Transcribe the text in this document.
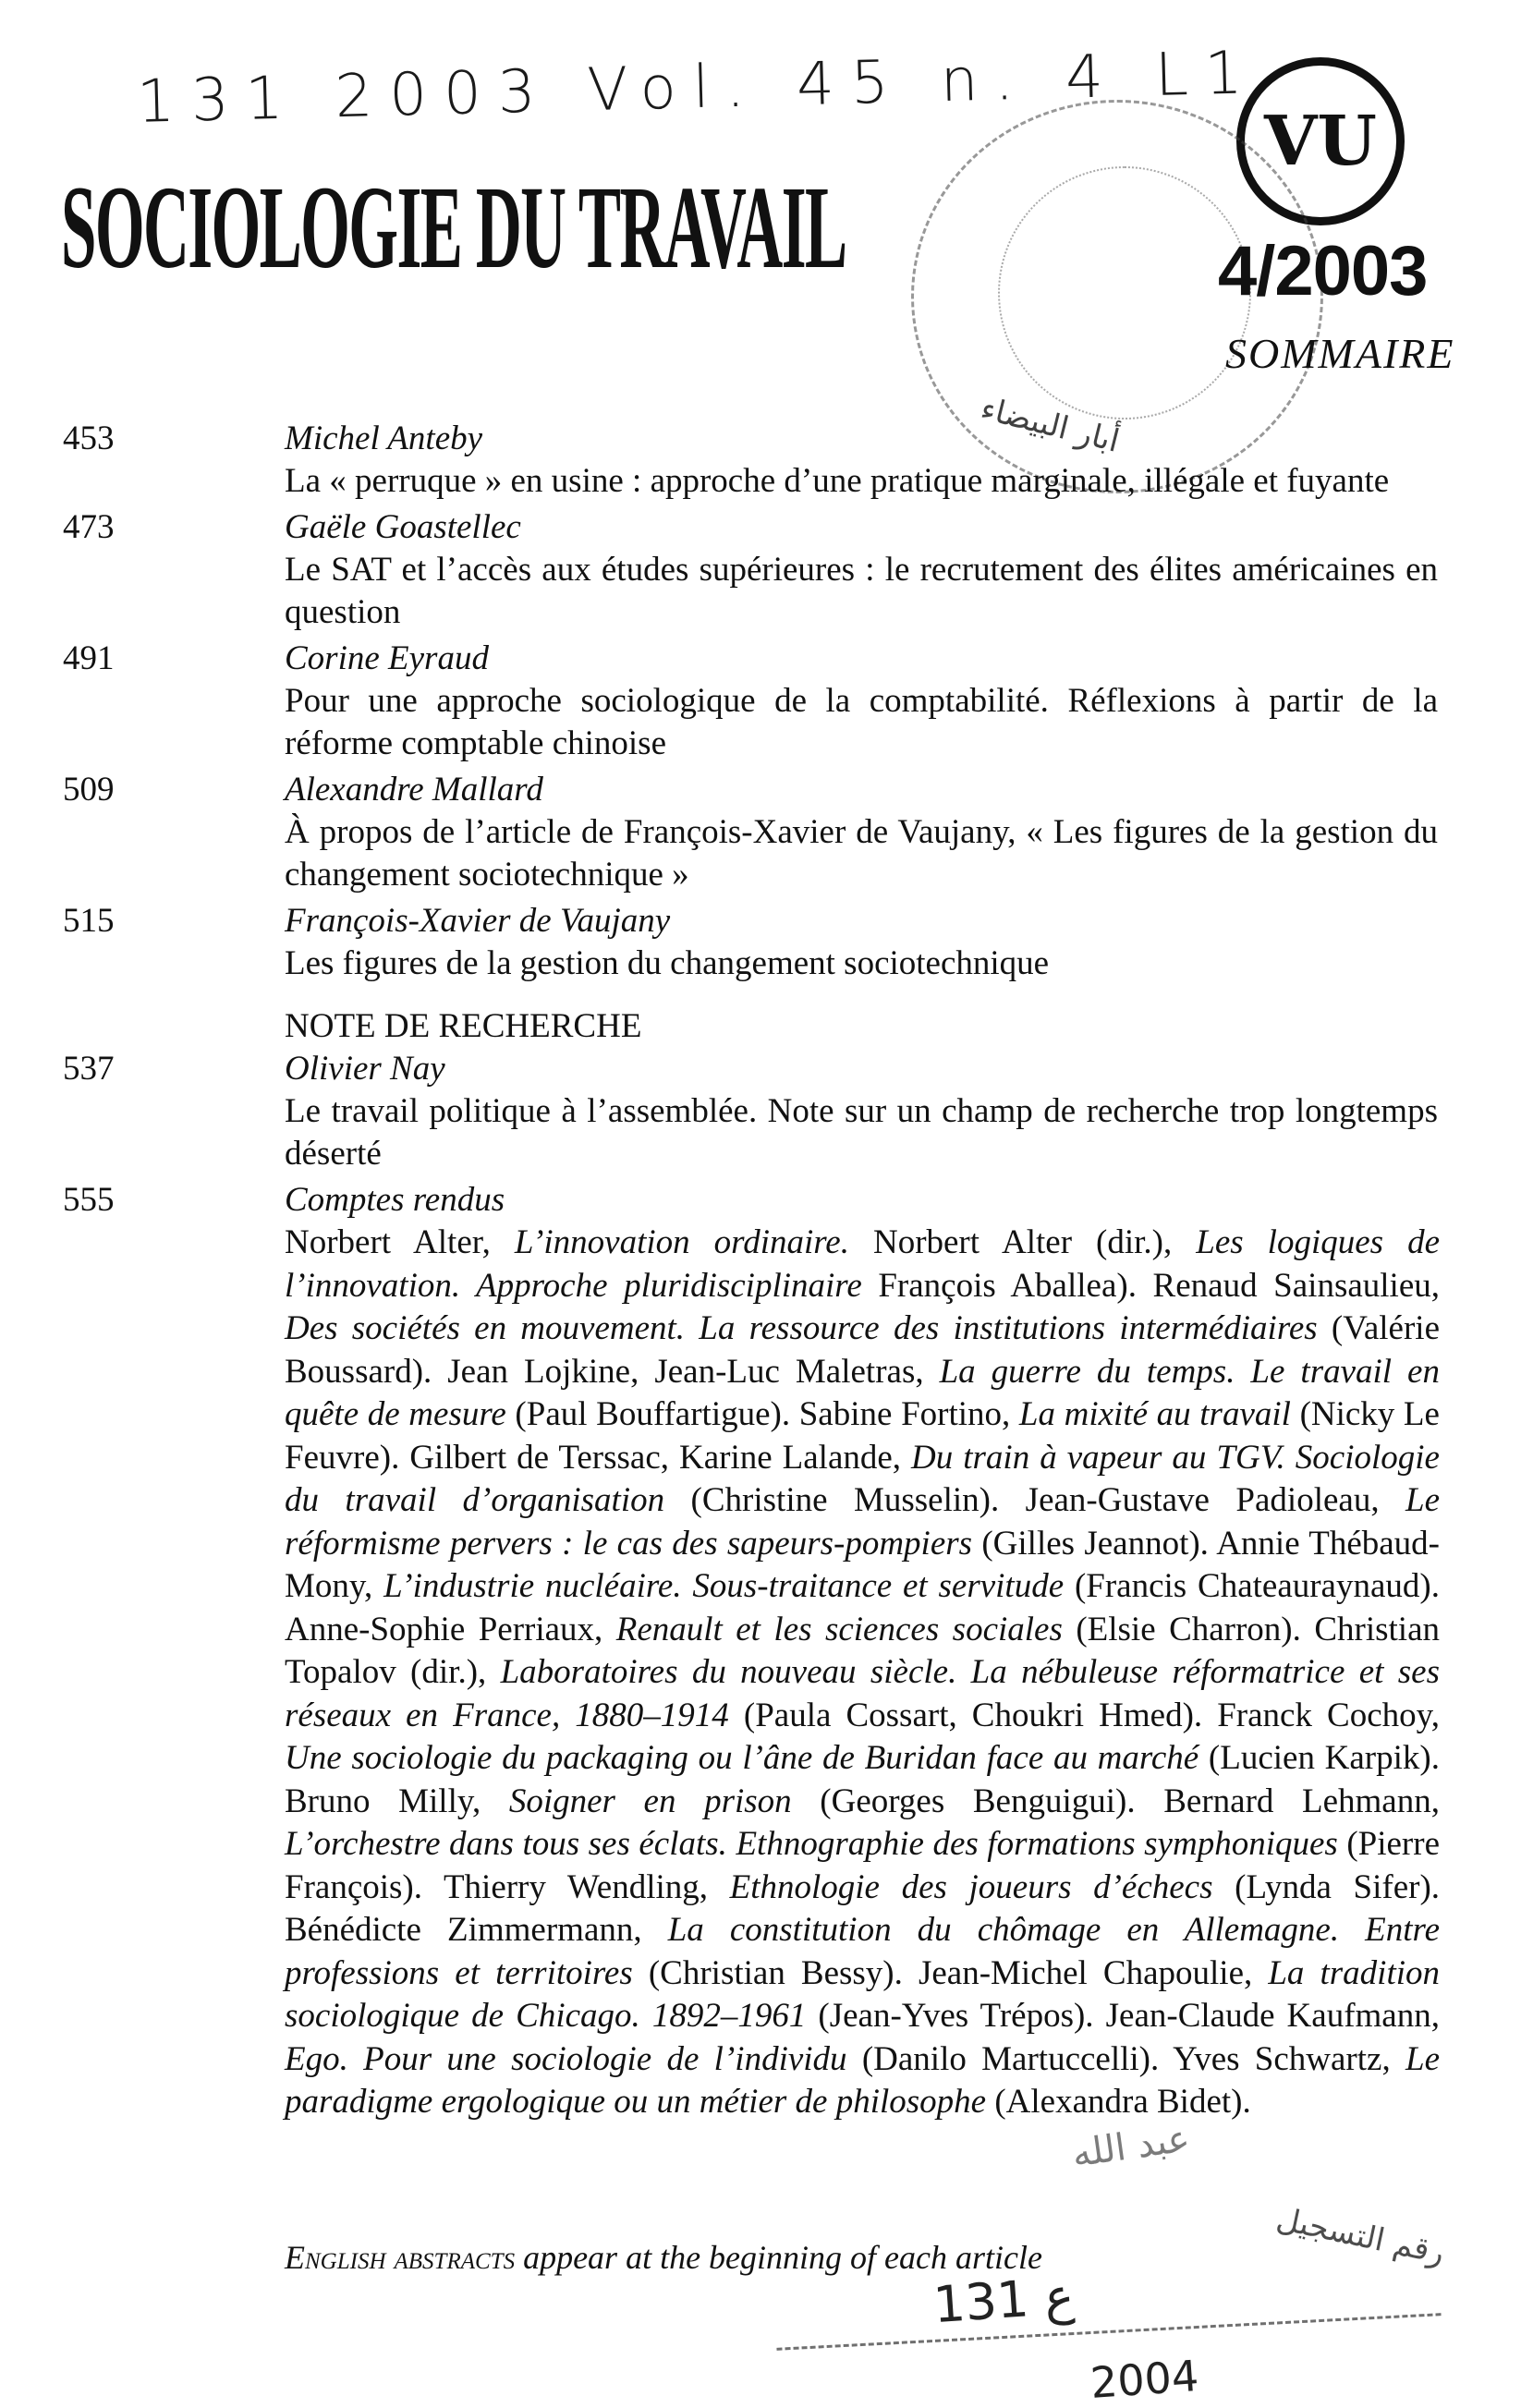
131 2003 Vol. 45 n. 4 L1
VU
أبار البيضاء
SOCIOLOGIE DU TRAVAIL	4/2003
SOMMAIRE
453	Michel Anteby
La « perruque » en usine : approche d’une pratique marginale, illégale et fuyante
473	Gaële Goastellec
Le SAT et l’accès aux études supérieures : le recrutement des élites américaines en question
491	Corine Eyraud
Pour une approche sociologique de la comptabilité. Réflexions à partir de la réforme comptable chinoise
509	Alexandre Mallard
À propos de l’article de François-Xavier de Vaujany, « Les figures de la gestion du changement sociotechnique »
515	François-Xavier de Vaujany
Les figures de la gestion du changement sociotechnique
NOTE DE RECHERCHE
537	Olivier Nay
Le travail politique à l’assemblée. Note sur un champ de recherche trop longtemps déserté
555	Comptes rendus
Norbert Alter, L’innovation ordinaire. Norbert Alter (dir.), Les logiques de l’innovation. Approche pluridisciplinaire François Aballea). Renaud Sainsaulieu, Des sociétés en mouvement. La ressource des institutions intermédiaires (Valérie Boussard). Jean Lojkine, Jean-Luc Maletras, La guerre du temps. Le travail en quête de mesure (Paul Bouffartigue). Sabine Fortino, La mixité au travail (Nicky Le Feuvre). Gilbert de Terssac, Karine Lalande, Du train à vapeur au TGV. Sociologie du travail d’organisation (Christine Musselin). Jean-Gustave Padioleau, Le réformisme pervers : le cas des sapeurs-pompiers (Gilles Jeannot). Annie Thébaud-Mony, L’industrie nucléaire. Sous-traitance et servitude (Francis Chateauraynaud). Anne-Sophie Perriaux, Renault et les sciences sociales (Elsie Charron). Christian Topalov (dir.), Laboratoires du nouveau siècle. La nébuleuse réformatrice et ses réseaux en France, 1880–1914 (Paula Cossart, Choukri Hmed). Franck Cochoy, Une sociologie du packaging ou l’âne de Buridan face au marché (Lucien Karpik). Bruno Milly, Soigner en prison (Georges Benguigui). Bernard Lehmann, L’orchestre dans tous ses éclats. Ethnographie des formations symphoniques (Pierre François). Thierry Wendling, Ethnologie des joueurs d’échecs (Lynda Sifer). Bénédicte Zimmermann, La constitution du chômage en Allemagne. Entre professions et territoires (Christian Bessy). Jean-Michel Chapoulie, La tradition sociologique de Chicago. 1892–1961 (Jean-Yves Trépos). Jean-Claude Kaufmann, Ego. Pour une sociologie de l’individu (Danilo Martuccelli). Yves Schwartz, Le paradigme ergologique ou un métier de philosophe (Alexandra Bidet).
English abstracts appear at the beginning of each article
عبد الله
رقم التسجيل
ع 131
2004
